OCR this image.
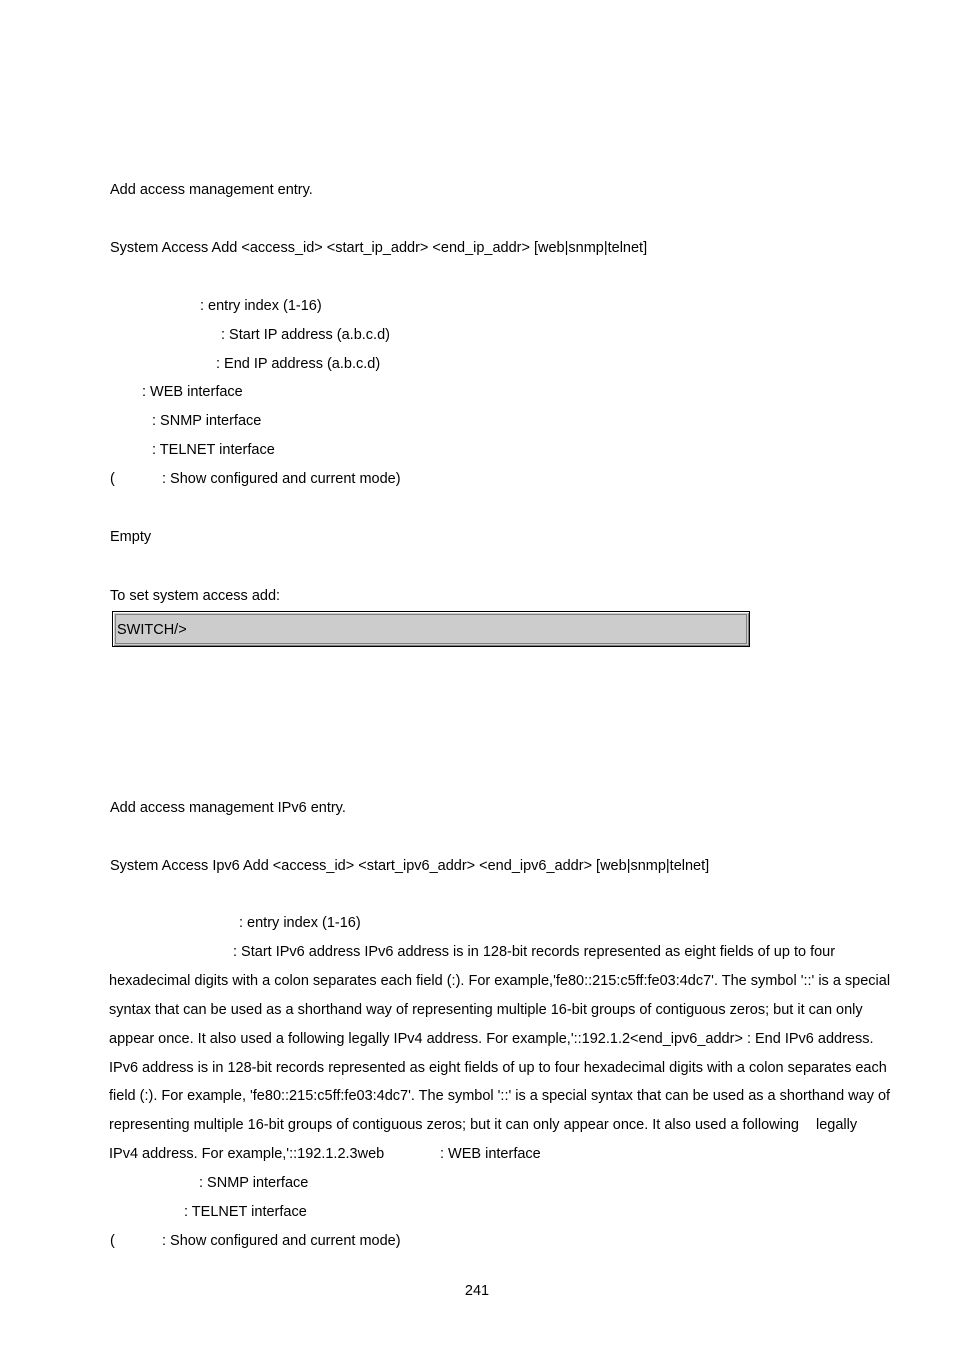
Add access management entry.
System Access Add <access_id> <start_ip_addr> <end_ip_addr> [web|snmp|telnet]
: entry index (1-16)
: Start IP address (a.b.c.d)
: End IP address (a.b.c.d)
: WEB interface
: SNMP interface
: TELNET interface
(	: Show configured and current mode)
Empty
To set system access add:
SWITCH/>
Add access management IPv6 entry.
System Access Ipv6 Add <access_id> <start_ipv6_addr> <end_ipv6_addr> [web|snmp|telnet]
: entry index (1-16)
: Start IPv6 address IPv6 address is in 128-bit records represented as eight fields of up to four
hexadecimal digits with a colon separates each field (:). For example,'fe80::215:c5ff:fe03:4dc7'. The symbol '::' is a special
syntax that can be used as a shorthand way of representing multiple 16-bit groups of contiguous zeros; but it can only
appear once. It also used a following legally IPv4 address. For example,'::192.1.2<end_ipv6_addr> : End IPv6 address.
IPv6 address is in 128-bit records represented as eight fields of up to four hexadecimal digits with a colon separates each
field (:). For example, 'fe80::215:c5ff:fe03:4dc7'. The symbol '::' is a special syntax that can be used as a shorthand way of
representing multiple 16-bit groups of contiguous zeros; but it can only appear once. It also used a following legally
IPv4 address. For example,'::192.1.2.3web	: WEB interface
: SNMP interface
: TELNET interface
(	: Show configured and current mode)
241
